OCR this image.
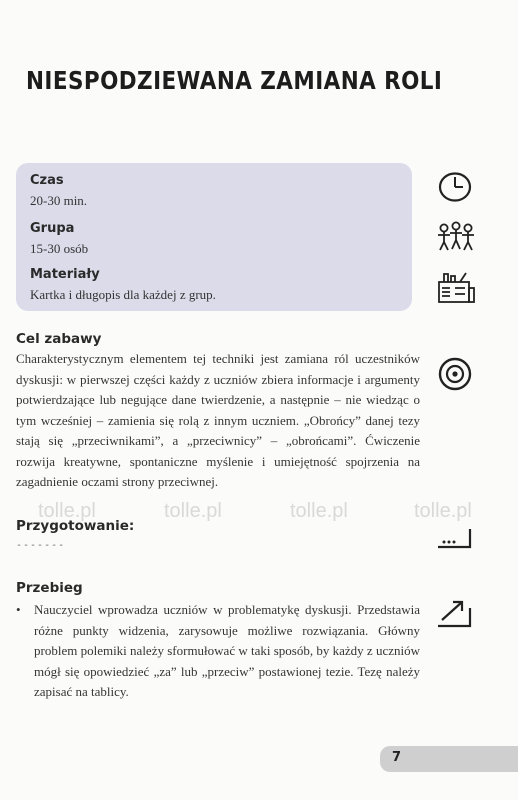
NIESPODZIEWANA ZAMIANA ROLI
Czas
20-30 min.
Grupa
15-30 osób
Materiały
Kartka i długopis dla każdej z grup.
Cel zabawy
Charakterystycznym elementem tej techniki jest zamiana ról uczestników dyskusji: w pierwszej części każdy z uczniów zbiera informacje i argumenty potwierdzające lub negujące dane twierdzenie, a następnie – nie wiedząc o tym wcześniej – zamienia się rolą z innym uczniem. „Obrońcy” danej tezy stają się „przeciwnikami”, a „przeciwnicy” – „obrońcami”. Ćwiczenie rozwija kreatywne, spontaniczne myślenie i umiejętność spojrzenia na zagadnienie oczami strony przeciwnej.
tolle.pl	tolle.pl	tolle.pl	tolle.pl
Przygotowanie:
-------
Przebieg
• Nauczyciel wprowadza uczniów w problematykę dyskusji. Przedstawia różne punkty widzenia, zarysowuje możliwe rozwiązania. Główny problem polemiki należy sformułować w taki sposób, by każdy z uczniów mógł się opowiedzieć „za” lub „przeciw” postawionej tezie. Tezę należy zapisać na tablicy.
7
